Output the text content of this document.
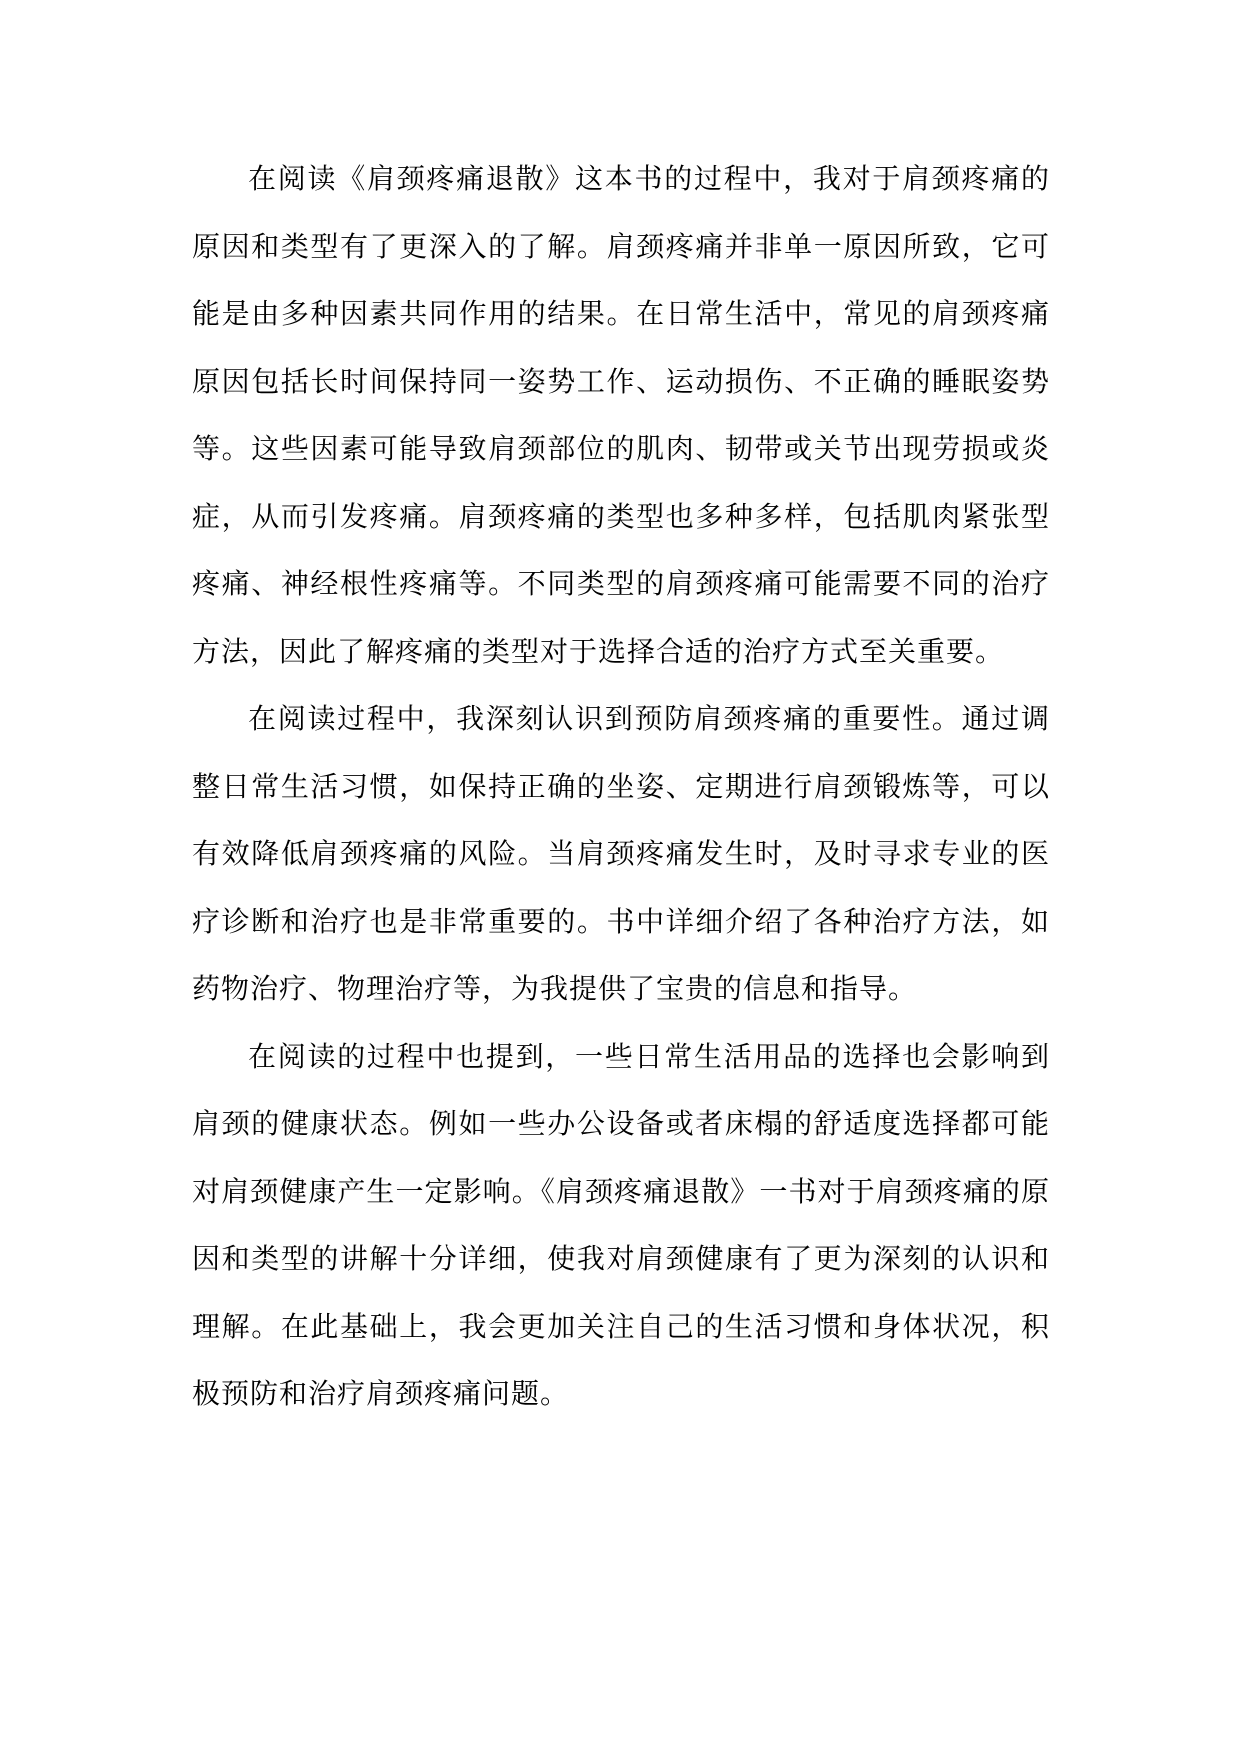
在阅读《肩颈疼痛退散》这本书的过程中，我对于肩颈疼痛的原因和类型有了更深入的了解。肩颈疼痛并非单一原因所致，它可能是由多种因素共同作用的结果。在日常生活中，常见的肩颈疼痛原因包括长时间保持同一姿势工作、运动损伤、不正确的睡眠姿势等。这些因素可能导致肩颈部位的肌肉、韧带或关节出现劳损或炎症，从而引发疼痛。肩颈疼痛的类型也多种多样，包括肌肉紧张型疼痛、神经根性疼痛等。不同类型的肩颈疼痛可能需要不同的治疗方法，因此了解疼痛的类型对于选择合适的治疗方式至关重要。

在阅读过程中，我深刻认识到预防肩颈疼痛的重要性。通过调整日常生活习惯，如保持正确的坐姿、定期进行肩颈锻炼等，可以有效降低肩颈疼痛的风险。当肩颈疼痛发生时，及时寻求专业的医疗诊断和治疗也是非常重要的。书中详细介绍了各种治疗方法，如药物治疗、物理治疗等，为我提供了宝贵的信息和指导。

在阅读的过程中也提到，一些日常生活用品的选择也会影响到肩颈的健康状态。例如一些办公设备或者床榻的舒适度选择都可能对肩颈健康产生一定影响。《肩颈疼痛退散》一书对于肩颈疼痛的原因和类型的讲解十分详细，使我对肩颈健康有了更为深刻的认识和理解。在此基础上，我会更加关注自己的生活习惯和身体状况，积极预防和治疗肩颈疼痛问题。
